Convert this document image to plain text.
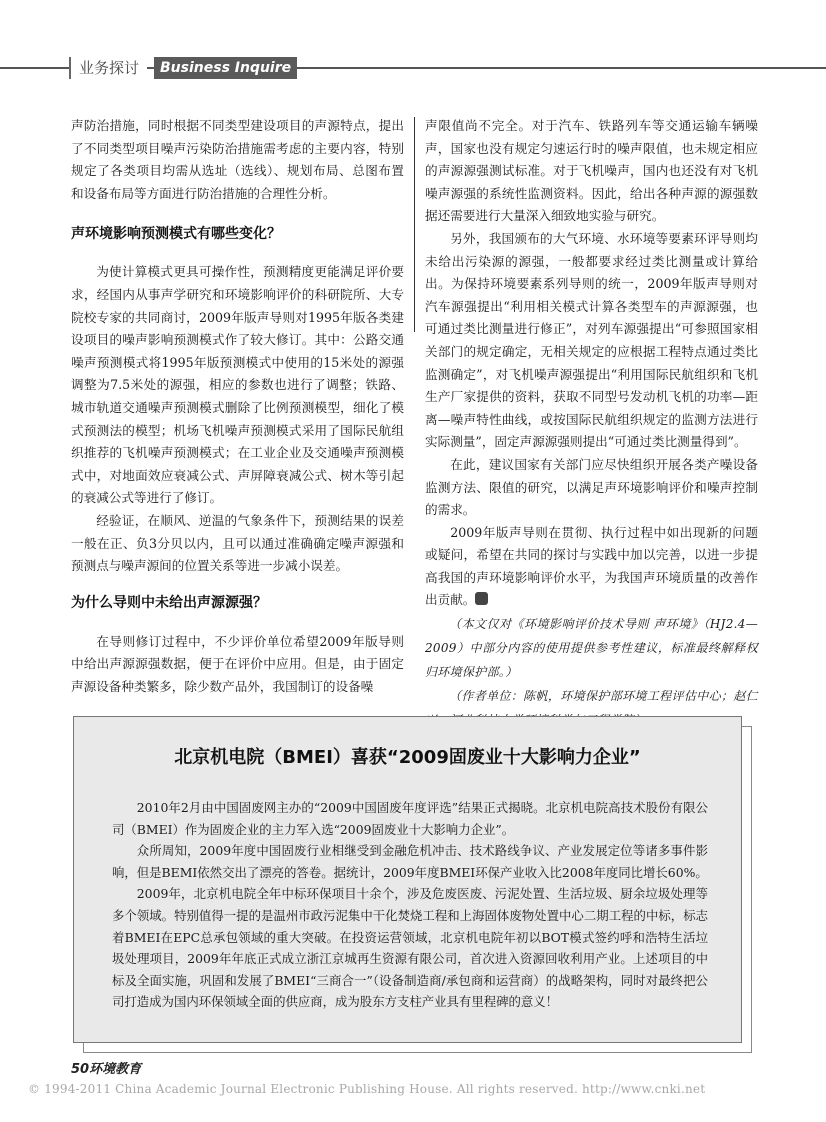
业务探讨	Business Inquire

声防治措施，同时根据不同类型建设项目的声源特点，提出了不同类型项目噪声污染防治措施需考虑的主要内容，特别规定了各类项目均需从选址（选线）、规划布局、总图布置和设备布局等方面进行防治措施的合理性分析。

声环境影响预测模式有哪些变化？

为使计算模式更具可操作性，预测精度更能满足评价要求，经国内从事声学研究和环境影响评价的科研院所、大专院校专家的共同商讨，2009年版声导则对1995年版各类建设项目的噪声影响预测模式作了较大修订。其中：公路交通噪声预测模式将1995年版预测模式中使用的15米处的源强调整为7.5米处的源强，相应的参数也进行了调整；铁路、城市轨道交通噪声预测模式删除了比例预测模型，细化了模式预测法的模型；机场飞机噪声预测模式采用了国际民航组织推荐的飞机噪声预测模式；在工业企业及交通噪声预测模式中，对地面效应衰减公式、声屏障衰减公式、树木等引起的衰减公式等进行了修订。

经验证，在顺风、逆温的气象条件下，预测结果的误差一般在正、负3分贝以内，且可以通过准确确定噪声源强和预测点与噪声源间的位置关系等进一步减小误差。

为什么导则中未给出声源源强？

在导则修订过程中，不少评价单位希望2009年版导则中给出声源源强数据，便于在评价中应用。但是，由于固定声源设备种类繁多，除少数产品外，我国制订的设备噪

声限值尚不完全。对于汽车、铁路列车等交通运输车辆噪声，国家也没有规定匀速运行时的噪声限值，也未规定相应的声源源强测试标准。对于飞机噪声，国内也还没有对飞机噪声源强的系统性监测资料。因此，给出各种声源的源强数据还需要进行大量深入细致地实验与研究。

另外，我国颁布的大气环境、水环境等要素环评导则均未给出污染源的源强，一般都要求经过类比测量或计算给出。为保持环境要素系列导则的统一，2009年版声导则对汽车源强提出“利用相关模式计算各类型车的声源源强，也可通过类比测量进行修正”，对列车源强提出“可参照国家相关部门的规定确定，无相关规定的应根据工程特点通过类比监测确定”，对飞机噪声源强提出“利用国际民航组织和飞机生产厂家提供的资料，获取不同型号发动机飞机的功率—距离—噪声特性曲线，或按国际民航组织规定的监测方法进行实际测量”，固定声源源强则提出“可通过类比测量得到”。

在此，建议国家有关部门应尽快组织开展各类产噪设备监测方法、限值的研究，以满足声环境影响评价和噪声控制的需求。

2009年版声导则在贯彻、执行过程中如出现新的问题或疑问，希望在共同的探讨与实践中加以完善，以进一步提高我国的声环境影响评价水平，为我国声环境质量的改善作出贡献。

（本文仅对《环境影响评价技术导则 声环境》（HJ2.4—2009）中部分内容的使用提供参考性建议，标准最终解释权归环境保护部。）

（作者单位：陈帆，环境保护部环境工程评估中心；赵仁

北京机电院（BMEI）喜获“2009固废业十大影响力企业”

2010年2月由中国固废网主办的“2009中国固废年度评选”结果正式揭晓。北京机电院高技术股份有限公司（BMEI）作为固废企业的主力军入选“2009固废业十大影响力企业”。

众所周知，2009年度中国固废行业相继受到金融危机冲击、技术路线争议、产业发展定位等诸多事件影响，但是BEMI依然交出了漂亮的答卷。据统计，2009年度BMEI环保产业收入比2008年度同比增长60%。

2009年，北京机电院全年中标环保项目十余个，涉及危废医废、污泥处置、生活垃圾、厨余垃圾处理等多个领域。特别值得一提的是温州市政污泥集中干化焚烧工程和上海固体废物处置中心二期工程的中标，标志着BMEI在EPC总承包领域的重大突破。在投资运营领域，北京机电院年初以BOT模式签约呼和浩特生活垃圾处理项目，2009年年底正式成立浙江京城再生资源有限公司，首次进入资源回收利用产业。上述项目的中标及全面实施，巩固和发展了BMEI“三商合一”（设备制造商/承包商和运营商）的战略架构，同时对最终把公司打造成为国内环保领域全面的供应商，成为股东方支柱产业具有里程碑的意义！

50环境教育
© 1994-2011 China Academic Journal Electronic Publishing House. All rights reserved. http://www.cnki.net
